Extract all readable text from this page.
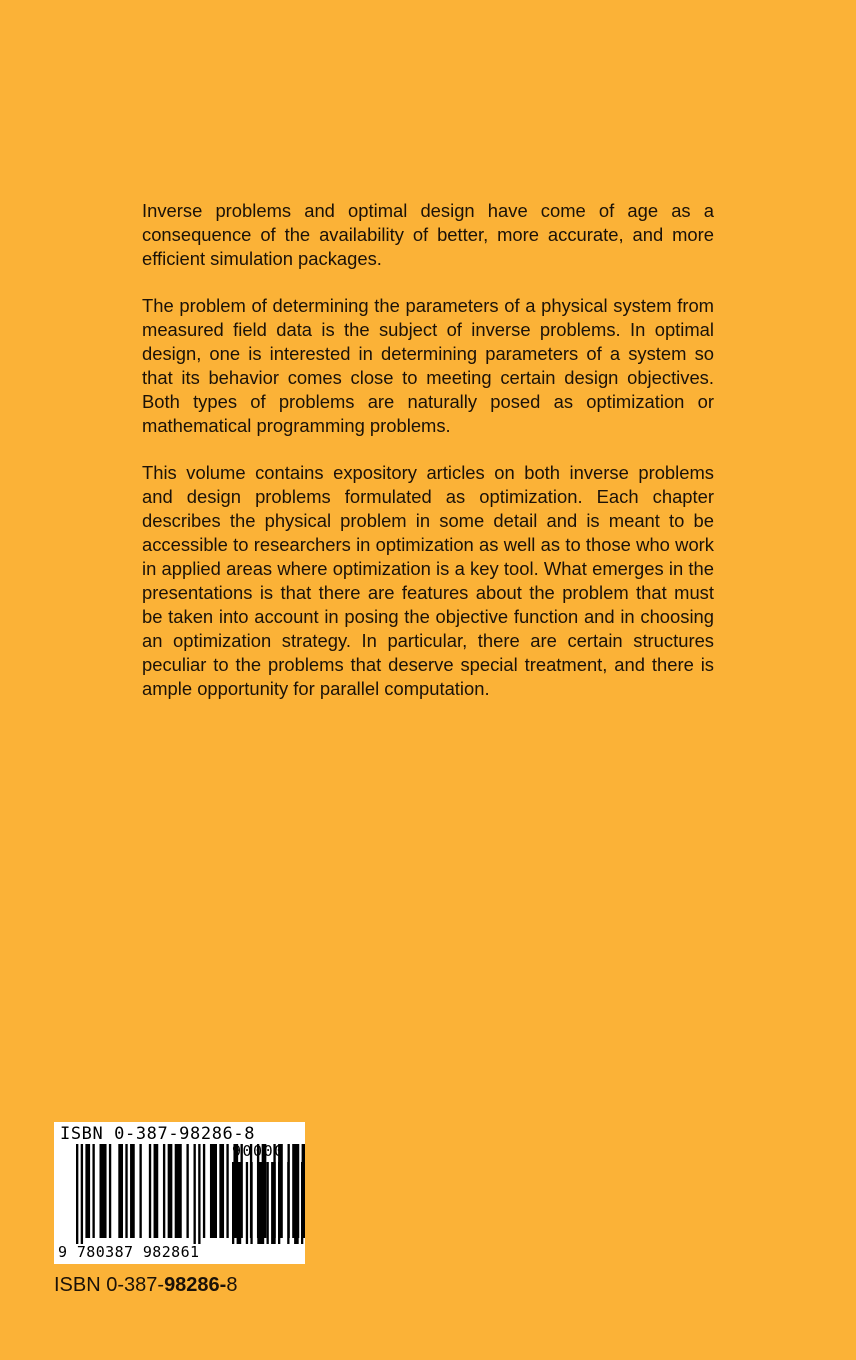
Inverse problems and optimal design have come of age as a consequence of the availability of better, more accurate, and more efficient simulation packages.

The problem of determining the parameters of a physical system from measured field data is the subject of inverse problems. In optimal design, one is interested in determining parameters of a system so that its behavior comes close to meeting certain design objectives. Both types of problems are naturally posed as optimization or mathematical programming problems.

This volume contains expository articles on both inverse problems and design problems formulated as optimization. Each chapter describes the physical problem in some detail and is meant to be accessible to researchers in optimization as well as to those who work in applied areas where optimization is a key tool. What emerges in the presentations is that there are features about the problem that must be taken into account in posing the objective function and in choosing an optimization strategy. In particular, there are certain structures peculiar to the problems that deserve special treatment, and there is ample opportunity for parallel computation.

ISBN 0-387-98286-8
90000
9 780387 982861
ISBN 0-387-98286-8
